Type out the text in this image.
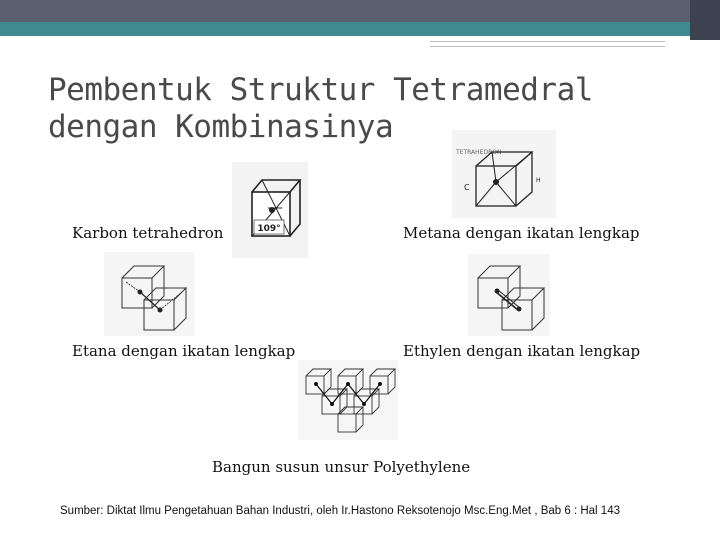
Pembentuk Struktur Tetramedral
dengan Kombinasinya
109°
Karbon tetrahedron
TETRAHEDRON
C
H
Metana dengan ikatan lengkap
Etana dengan ikatan lengkap	Ethylen dengan ikatan lengkap
Bangun susun unsur Polyethylene
Sumber: Diktat Ilmu Pengetahuan Bahan Industri, oleh Ir.Hastono Reksotenojo Msc.Eng.Met , Bab 6 : Hal 143
